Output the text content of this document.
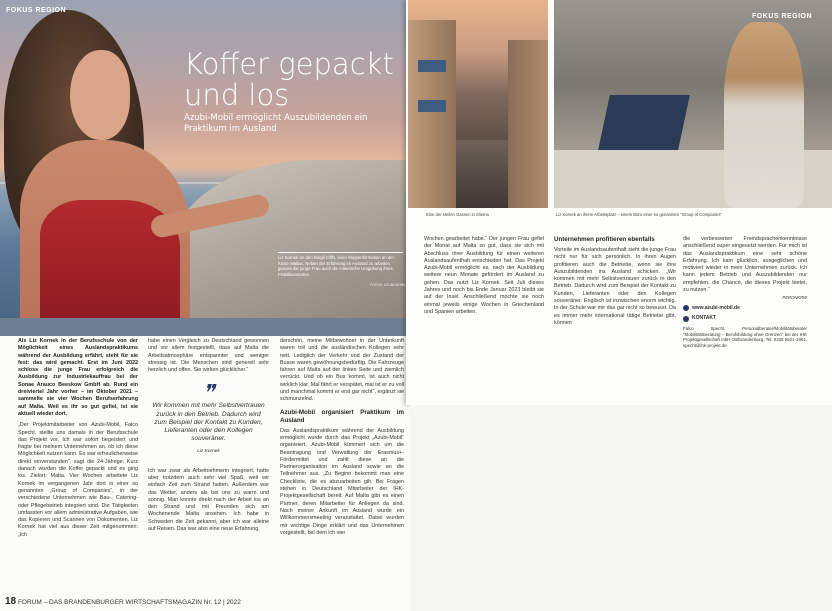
FOKUS REGION
Koffer gepackt
und los
Azubi-Mobil ermöglicht Auszubildenden ein Praktikum im Ausland
Liz Kornek an den Dingli Cliffs, einer Klippenformation an der Küste Maltas. Neben der Erfahrung im Ausland zu arbeiten, genoss die junge Frau auch die malerische Umgebung ihres Praktikumsortes.
FOTOS: AZUBI-MOBIL

Als Liz Kornek in der Berufsschule von der Möglichkeit eines Auslandspraktikums während der Ausbildung erfährt, steht für sie fest: das wird gemacht. Erst im Juni 2022 schloss die junge Frau erfolgreich die Ausbildung zur Industriekauffrau bei der Sonae Arauco Beeskow GmbH ab. Rund ein dreiviertel Jahr vorher – im Oktober 2021 – sammelte sie vier Wochen Berufserfahrung auf Malta. Weil es ihr so gut gefiel, ist sie aktuell wieder dort.

„Der Projektmitarbeiter von Azubi-Mobil, Falco Specht, stellte uns damals in der Berufsschule das Projekt vor. Ich war sofort begeistert und fragte bei meinem Unternehmen an, ob ich diese Möglichkeit nutzen kann. Es war erfreulicherweise direkt einverstanden“, sagt die 24-Jährige. Kurz danach wurden die Koffer gepackt und es ging los. Zielort: Malta. Vier Wochen arbeitete Liz Kornek im vergangenen Jahr dort in einer so genannten „Group of Companies“, in der verschiedene Unternehmen wie Bau-, Catering- oder Pflegebetrieb integriert sind. Die Tätigkeiten umfassten vor allem administrative Aufgaben, wie das Kopieren und Scannen von Dokumenten. Liz Kornek hat viel aus dieser Zeit mitgenommen: „Ich

habe einen Vergleich zu Deutschland gewonnen und vor allem festgestellt, dass auf Malta die Arbeitsatmosphäre entspannter und weniger stressig ist. Die Menschen sind generell sehr herzlich und offen. Sie wirken glücklicher.“

❞
Wir kommen mit mehr Selbstvertrauen zurück in den Betrieb. Dadurch wird zum Beispiel der Kontakt zu Kunden, Lieferanten oder den Kollegen souveräner.
Liz Kornek

Ich war zwar als Arbeitnehmerin integriert, hatte aber trotzdem auch sehr viel Spaß, weil wir einfach Zeit zum Strand hatten. Außerdem war das Wetter, anders als bei uns zu warm und sonnig. Man konnte direkt nach der Arbeit los an den Strand und mit Freunden sich am Wochenende Malta ansehen. Ich habe in Schweden die Zeit gekannt, aber ich war alleine auf Reisen. Das war also eine neue Erfahrung.

derschön, meine Mitbewohner in der Unterkunft waren toll und die ausländischen Kollegen sehr nett. Lediglich der Verkehr und der Zustand der Busse waren gewöhnungsbedürftig. Die Fahrzeuge fahren auf Malta auf der linken Seite und ziemlich verrückt. Und ob ein Bus kommt, ist auch nicht wirklich klar. Mal fährt er verspätet, mal ist er zu voll und manchmal kommt er erst gar nicht“, ergänzt sie schmunzelnd.

Azubi-Mobil organisiert Praktikum im Ausland

Das Auslandspraktikum während der Ausbildung ermöglicht wurde durch das Projekt „Azubi-Mobil“ organisiert. Azubi-Mobil kümmert sich um die Beantragung und Verwaltung der Erasmus+-Fördermittel und zahlt diese an die Partnerorganisation im Ausland sowie an die Teilnehmer aus. „Zu Beginn bekommt man eine Checkliste, die es abzuarbeiten gilt. Bei Fragen stehen in Deutschland Mitarbeiter der IHK-Projektgesellschaft bereit. Auf Malta gibt es einen Partner, deren Mitarbeiter für Anliegen da sind. Nach meiner Ankunft im Ausland wurde ein Willkommensmeeting veranstaltet. Dabei wurden mir wichtige Dinge erklärt und das Unternehmen vorgestellt, bei dem ich vier

18 FORUM – DAS BRANDENBURGER WIRTSCHAFTSMAGAZIN Nr. 12 | 2022
FOKUS REGION
Eine der steilen Gassen in Sliema	Liz Kornek an ihrem Arbeitsplatz – einem Büro einer so genannten "Group of Companies"

Wochen gearbeitet habe.“ Der jungen Frau gefiel der Monat auf Malta so gut, dass sie sich mit Abschluss ihrer Ausbildung für einen weiteren Auslandsaufenthalt entschieden hat. Das Projekt Azubi-Mobil ermöglicht es, nach der Ausbildung weitere neun Monate gefördert im Ausland zu gehen. Das nutzt Liz Kornek. Seit Juli dieses Jahres und noch bis Ende Januar 2023 bleibt sie auf der Insel. Anschließend möchte sie noch einmal jeweils einige Wochen in Griechenland und Spanien arbeiten.

Unternehmen profitieren ebenfalls

Vorteile im Auslandsaufenthalt sieht die junge Frau nicht nur für sich persönlich. In ihren Augen profitieren auch die Betriebe, wenn sie ihre Auszubildenden ins Ausland schicken. „Wir kommen mit mehr Selbstvertrauen zurück in den Betrieb. Dadurch wird zum Beispiel der Kontakt zu Kunden, Lieferanten oder den Kollegen souveräner. Englisch ist inzwischen enorm wichtig. In der Schule war mir das gar nicht so bewusst. Da es immer mehr international tätige Betriebe gibt, können

die verbesserten Fremdsprachenkenntnisse anschließend super eingesetzt werden. Für mich ist das Auslandspraktikum eine sehr schöne Erfahrung. Ich kam glücklich, ausgeglichen und motiviert wieder in mein Unternehmen zurück. Ich kann jedem Betrieb und Auszubildenden nur empfehlen, die Chance, die dieses Projekt bietet, zu nutzen.“

PERONKRW
www.azubi-mobil.de
KONTAKT
Falco Specht, Personalberater/Mobilitätsberater "Mobilitätsberatung – Berufsbildung ohne Grenzen" bei der IHK Projektgesellschaft mbH Ostbrandenburg, Tel. 0335 5621-1901, specht@ihk-projekt.de
